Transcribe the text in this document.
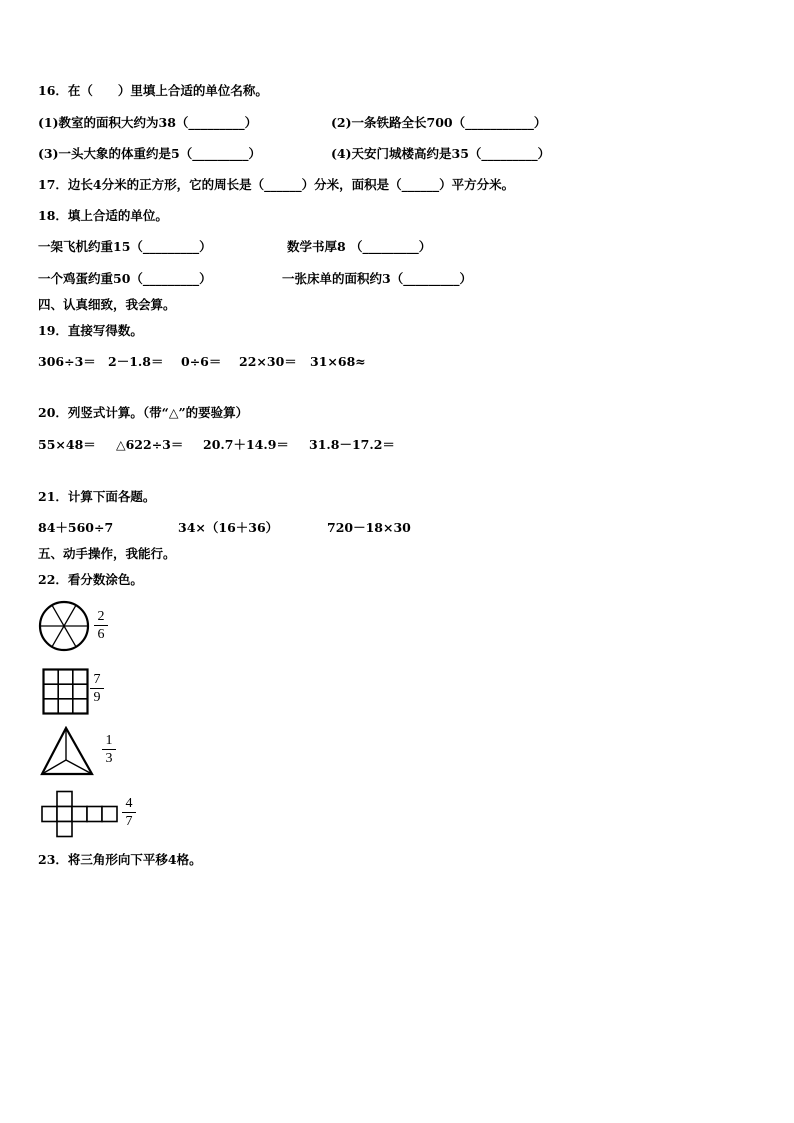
16．在（　　）里填上合适的单位名称。
(1)教室的面积大约为38（_________）	(2)一条铁路全长700（___________）
(3)一头大象的体重约是5（_________）	(4)天安门城楼高约是35（_________）
17．边长4分米的正方形，它的周长是（______）分米，面积是（______）平方分米。
18．填上合适的单位。
一架飞机约重15（_________）	数学书厚8 （_________）
一个鸡蛋约重50（_________）	一张床单的面积约3（_________）
四、认真细致，我会算。
19．直接写得数。
306÷3＝ 2－1.8＝ 0÷6＝ 22×30＝ 31×68≈
20．列竖式计算。（带“△”的要验算）
55×48＝ △622÷3＝ 20.7＋14.9＝ 31.8－17.2＝
21．计算下面各题。
84＋560÷7	34×（16＋36）	720－18×30
五、动手操作，我能行。
22．看分数涂色。
2
6
7
9
1
3
4
7
23．将三角形向下平移4格。
